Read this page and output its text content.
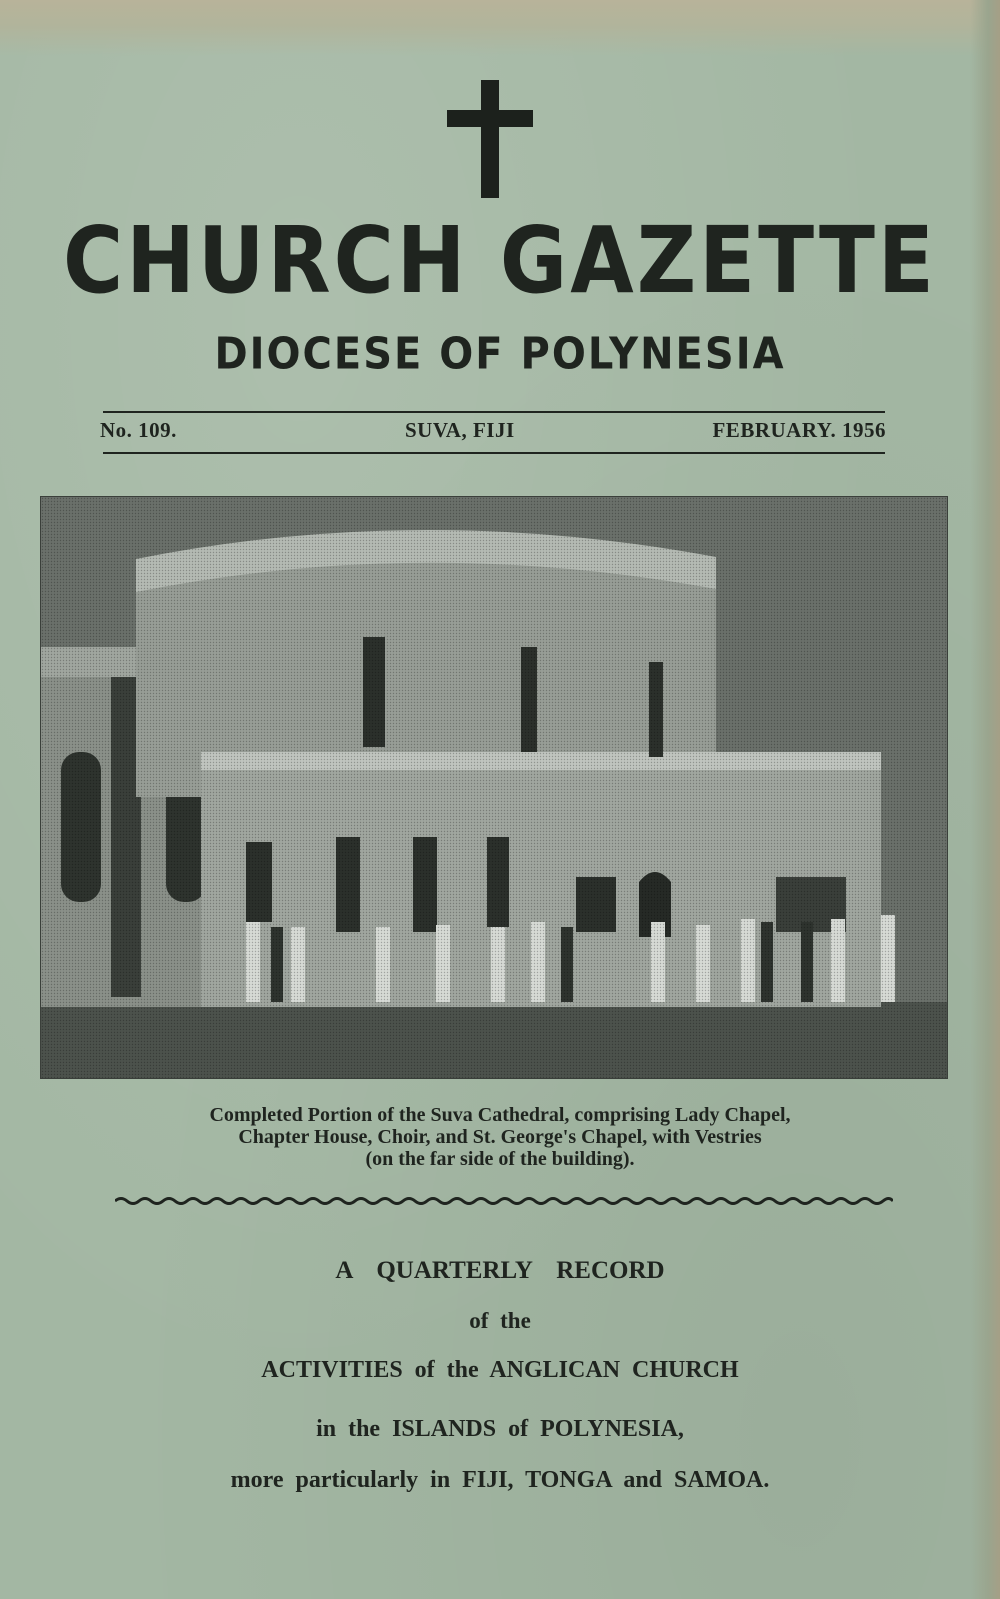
CHURCH GAZETTE
DIOCESE OF POLYNESIA
No. 109.	SUVA, FIJI	FEBRUARY. 1956
Completed Portion of the Suva Cathedral, comprising Lady Chapel,
Chapter House, Choir, and St. George's Chapel, with Vestries
(on the far side of the building).
A QUARTERLY RECORD
of the
ACTIVITIES of the ANGLICAN CHURCH
in the ISLANDS of POLYNESIA,
more particularly in FIJI, TONGA and SAMOA.
